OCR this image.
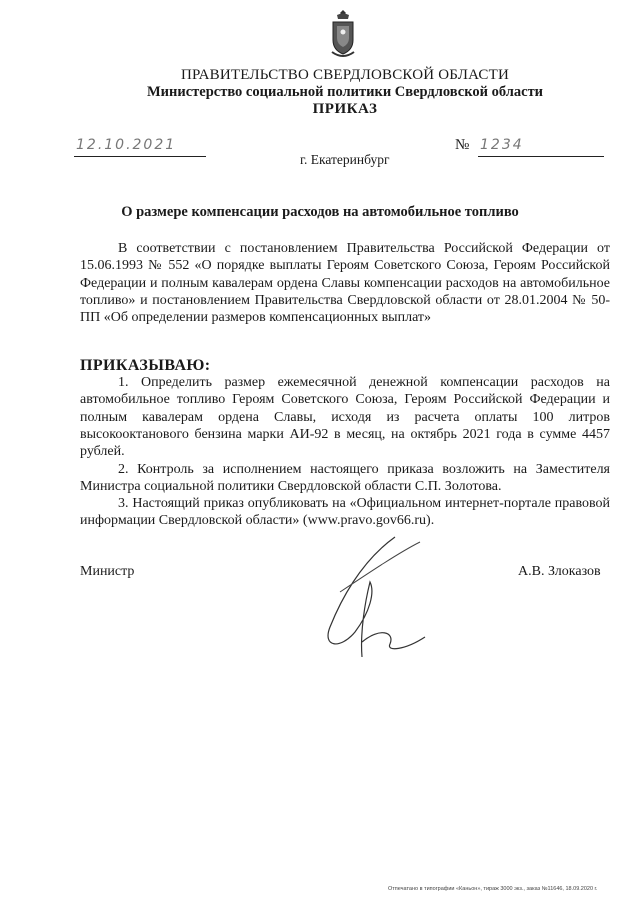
ПРАВИТЕЛЬСТВО СВЕРДЛОВСКОЙ ОБЛАСТИ
Министерство социальной политики Свердловской области
ПРИКАЗ
12.10.2021	№ 1234
г. Екатеринбург
О размере компенсации расходов на автомобильное топливо
В соответствии с постановлением Правительства Российской Федерации от 15.06.1993 № 552 «О порядке выплаты Героям Советского Союза, Героям Российской Федерации и полным кавалерам ордена Славы компенсации расходов на автомобильное топливо» и постановлением Правительства Свердловской области от 28.01.2004 № 50-ПП «Об определении размеров компенсационных выплат»
ПРИКАЗЫВАЮ:
1. Определить размер ежемесячной денежной компенсации расходов на автомобильное топливо Героям Советского Союза, Героям Российской Федерации и полным кавалерам ордена Славы, исходя из расчета оплаты 100 литров высокооктанового бензина марки АИ-92 в месяц, на октябрь 2021 года в сумме 4457 рублей.
2. Контроль за исполнением настоящего приказа возложить на Заместителя Министра социальной политики Свердловской области С.П. Золотова.
3. Настоящий приказ опубликовать на «Официальном интернет-портале правовой информации Свердловской области» (www.pravo.gov66.ru).
Министр	А.В. Злоказов
Отпечатано в типографии «Каньон», тираж 3000 экз., заказ №11646, 18.09.2020 г.
